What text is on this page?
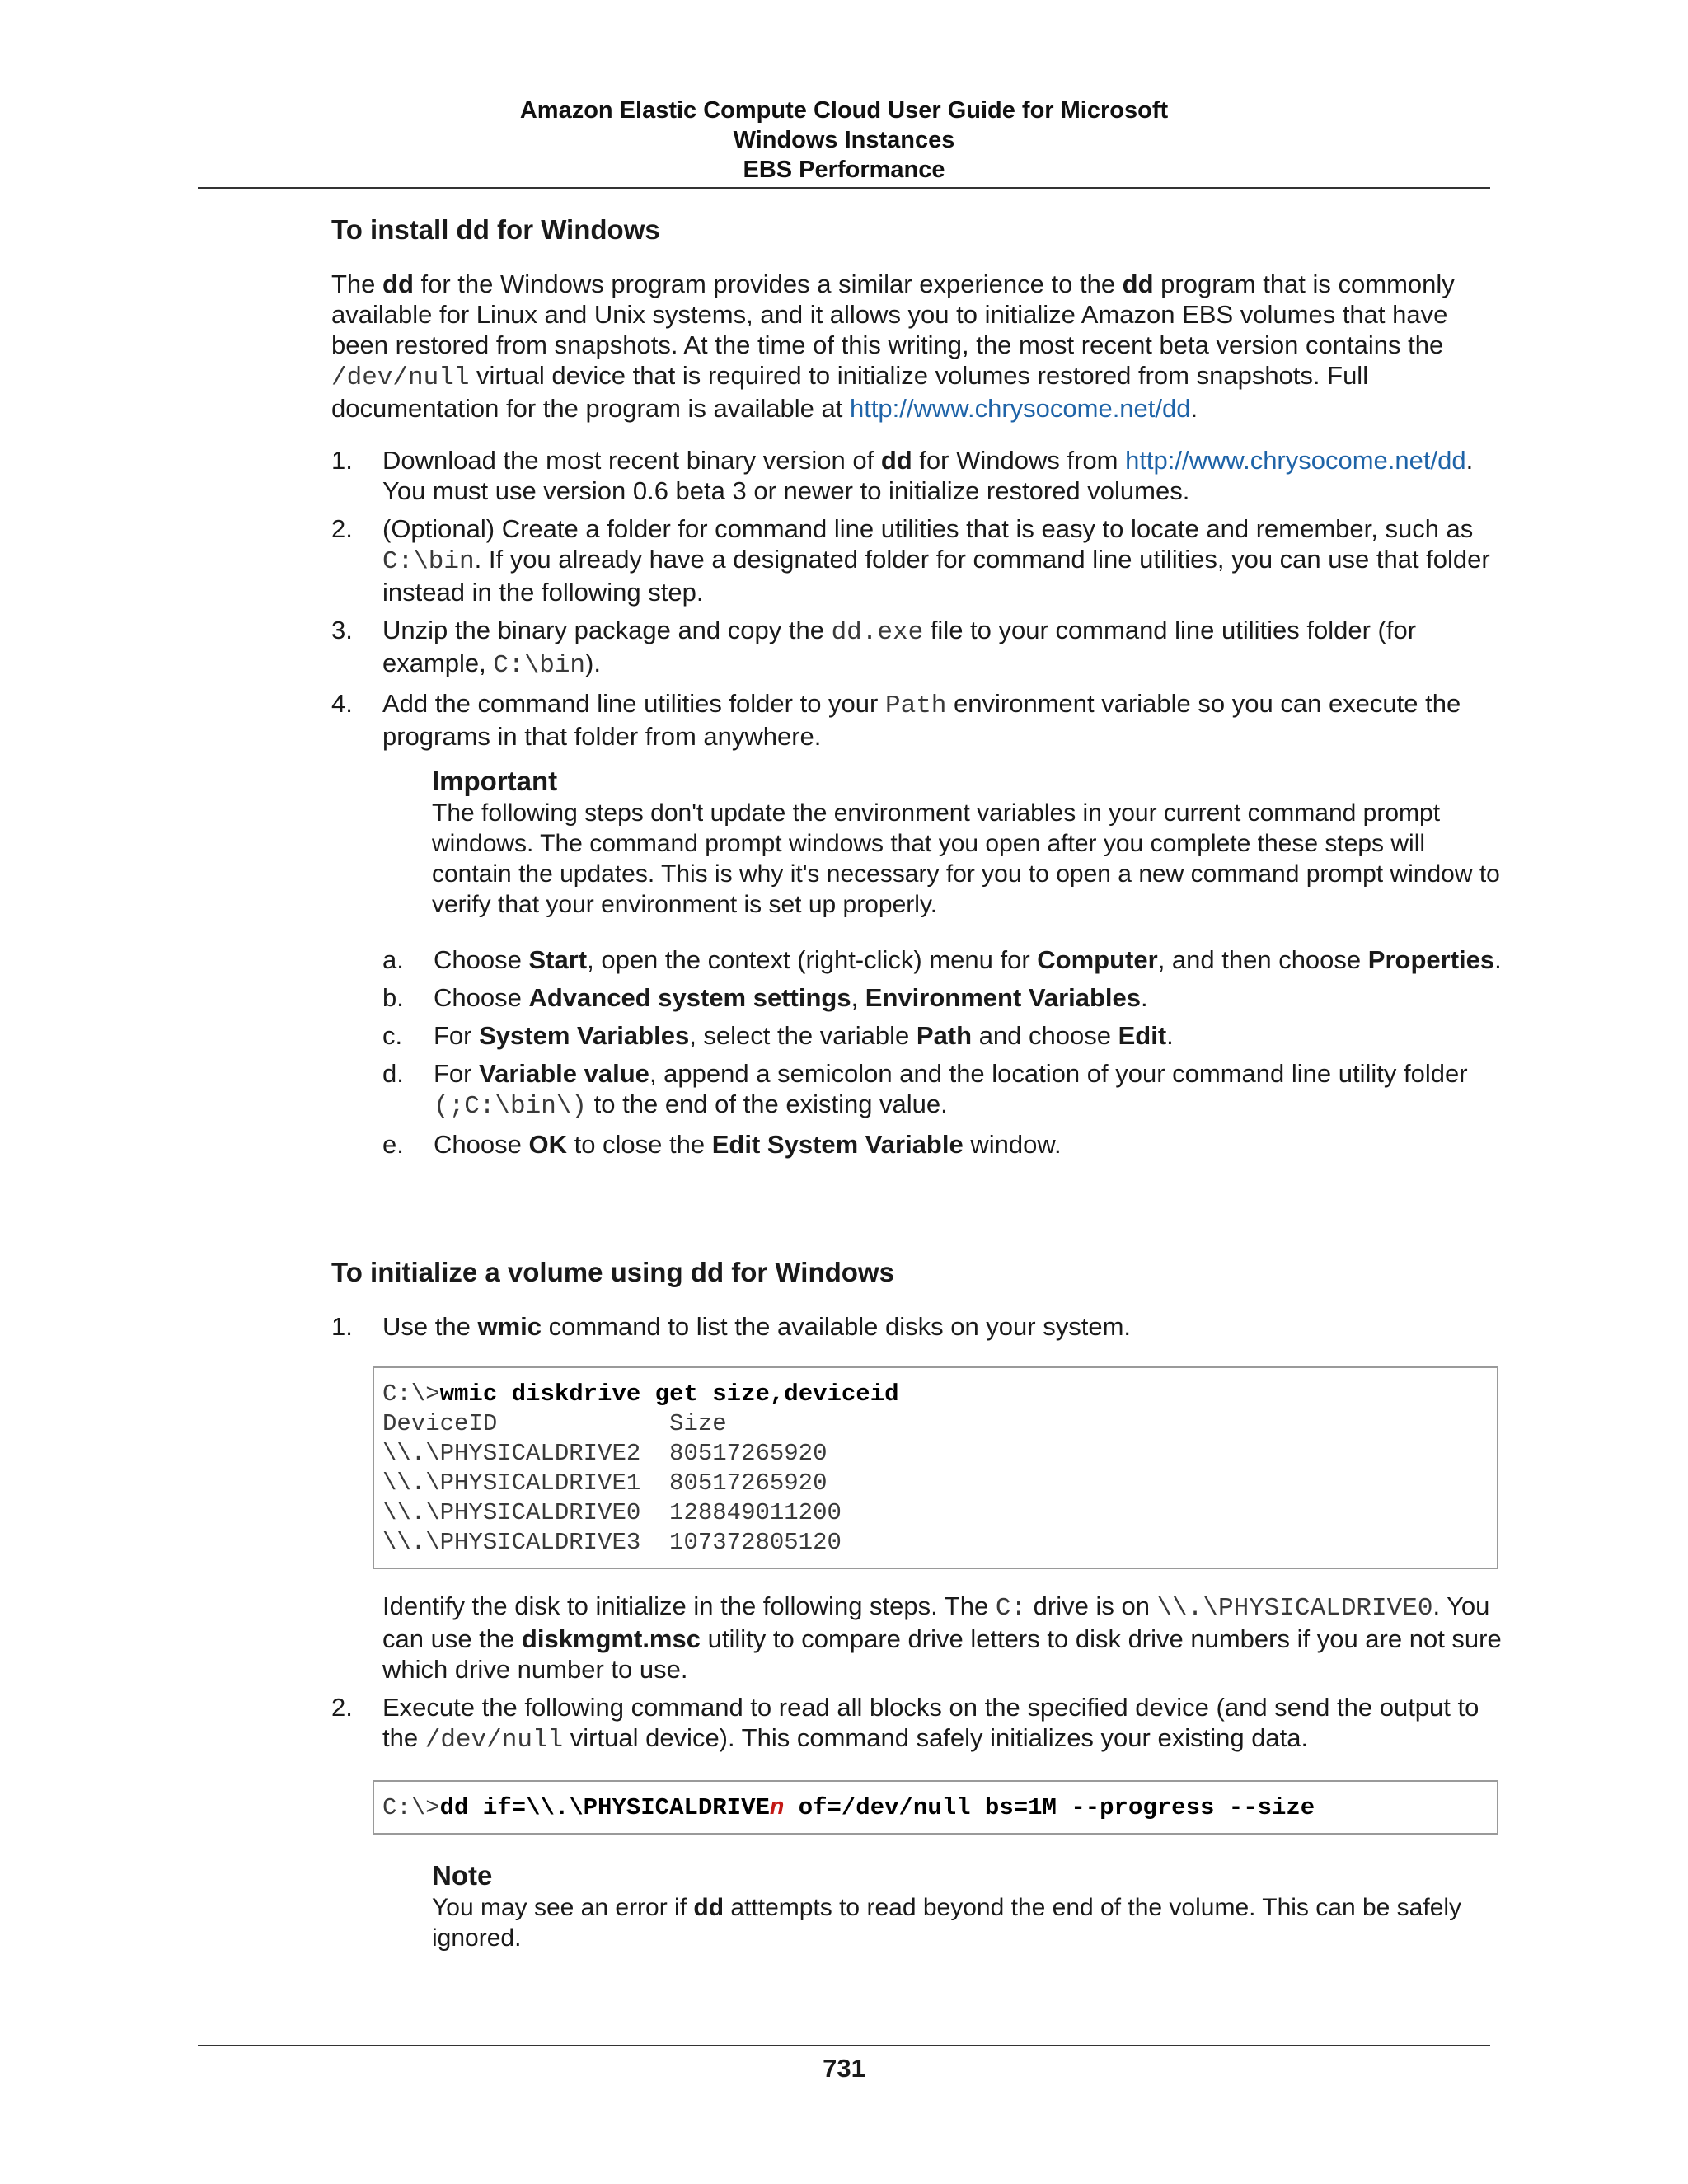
Amazon Elastic Compute Cloud User Guide for Microsoft
Windows Instances
EBS Performance
To install dd for Windows

The dd for the Windows program provides a similar experience to the dd program that is commonly available for Linux and Unix systems, and it allows you to initialize Amazon EBS volumes that have been restored from snapshots. At the time of this writing, the most recent beta version contains the /dev/null virtual device that is required to initialize volumes restored from snapshots. Full documentation for the program is available at http://www.chrysocome.net/dd.

1. Download the most recent binary version of dd for Windows from http://www.chrysocome.net/dd. You must use version 0.6 beta 3 or newer to initialize restored volumes.
2. (Optional) Create a folder for command line utilities that is easy to locate and remember, such as C:\bin. If you already have a designated folder for command line utilities, you can use that folder instead in the following step.
3. Unzip the binary package and copy the dd.exe file to your command line utilities folder (for example, C:\bin).
4. Add the command line utilities folder to your Path environment variable so you can execute the programs in that folder from anywhere.
Important
The following steps don't update the environment variables in your current command prompt windows. The command prompt windows that you open after you complete these steps will contain the updates. This is why it's necessary for you to open a new command prompt window to verify that your environment is set up properly.
a. Choose Start, open the context (right-click) menu for Computer, and then choose Properties.
b. Choose Advanced system settings, Environment Variables.
c. For System Variables, select the variable Path and choose Edit.
d. For Variable value, append a semicolon and the location of your command line utility folder (;C:\bin\) to the end of the existing value.
e. Choose OK to close the Edit System Variable window.
To initialize a volume using dd for Windows
1. Use the wmic command to list the available disks on your system.
C:\>wmic diskdrive get size,deviceid
DeviceID            Size
\\.\PHYSICALDRIVE2  80517265920
\\.\PHYSICALDRIVE1  80517265920
\\.\PHYSICALDRIVE0  128849011200
\\.\PHYSICALDRIVE3  107372805120

Identify the disk to initialize in the following steps. The C: drive is on \\.\PHYSICALDRIVE0. You can use the diskmgmt.msc utility to compare drive letters to disk drive numbers if you are not sure which drive number to use.

2. Execute the following command to read all blocks on the specified device (and send the output to the /dev/null virtual device). This command safely initializes your existing data.
C:\>dd if=\\.\PHYSICALDRIVEn of=/dev/null bs=1M --progress --size
Note
You may see an error if dd atttempts to read beyond the end of the volume. This can be safely ignored.
731
